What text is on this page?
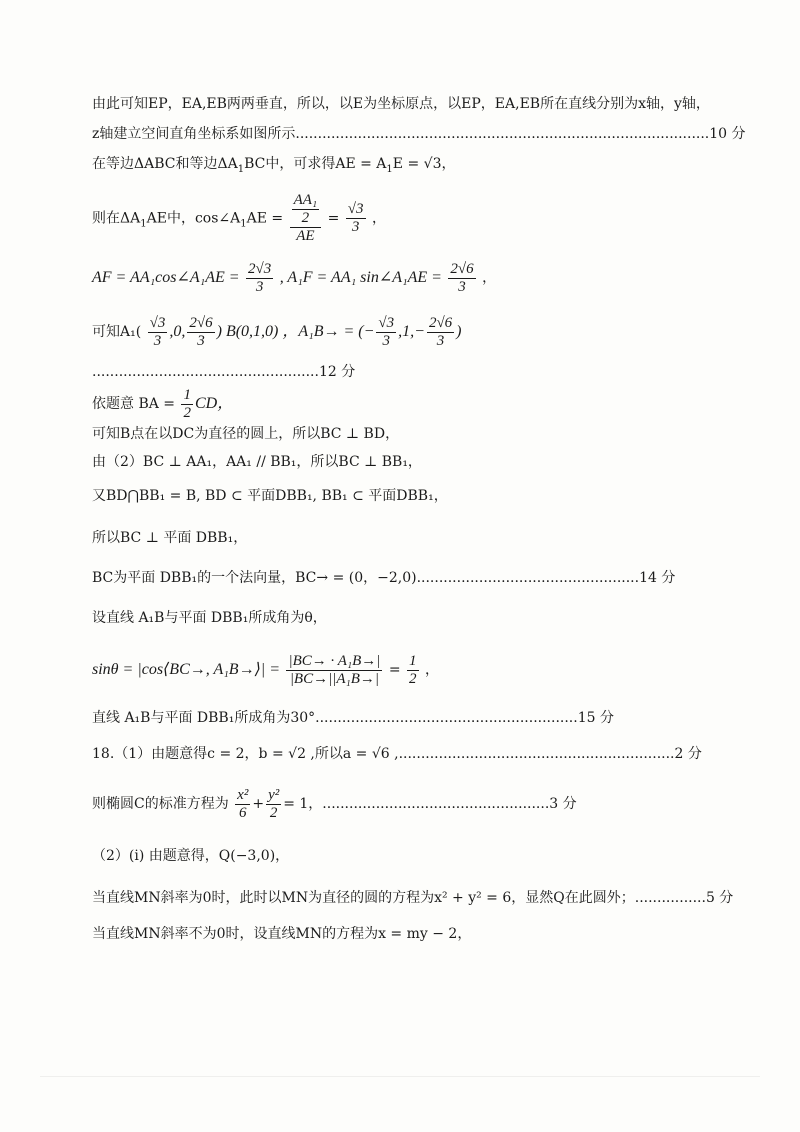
由此可知EP，EA,EB两两垂直，所以，以E为坐标原点，以EP，EA,EB所在直线分别为x轴，y轴，
z轴建立空间直角坐标系如图所示.............................................................................................10 分
在等边ΔABC和等边$\Delta A_1BC$中，可求得AE = $A_1E = √3$，
则在$\Delta A_1AE$中，$\cos\angle A_1AE = \frac{\frac{\text{AA₁}}{2}}{AE} = \frac{√3}{3}$ ，
AF = AA₁cos∠A₁AE = $\frac{2√3}{3}$ , A₁F = AA₁ sin∠A₁AE = $\frac{2√6}{3}$ ，
可知$A_1( \frac{√3}{3} ,0$, $\frac{2√6}{3}$ ) B(0,1,0) ，A₁B→ = (− $\frac{√3}{3} ,1,- \frac{2√6}{3}$ )
...................................................12 分
依题意 BA = $\frac{1}{2}$ CD，
可知B点在以DC为直径的圆上，所以BC ⊥ BD，
由（2）BC ⊥ AA₁，AA₁ // BB₁，所以BC ⊥ BB₁，
又BD⋂BB₁ = B, BD ⊂ 平面DBB₁, BB₁ ⊂ 平面DBB₁，
所以BC ⊥ 平面 DBB₁，
BC为平面 DBB₁的一个法向量，BC→ = (0，−2,0)..................................................14 分
设直线 A₁B与平面 DBB₁所成角为θ，
sinθ = |cos⟨BC→, A₁B→⟩| = $\frac{\text{|BC→ · A₁B→|}}{\text{|BC→||A₁B→|}} = \frac{1}{2}$ ，
直线 A₁B与平面 DBB₁所成角为30°...........................................................15 分
18.（1）由题意得c = 2，b = √2 ,所以a = √6 ,..............................................................2 分
则椭圆C的标准方程为 $\frac{\text{x²}}{6} + \frac{\text{y²}}{2} = 1$，...................................................3 分
（2）(i) 由题意得，Q(−3,0)，
当直线MN斜率为0时，此时以MN为直径的圆的方程为x² + y² = 6，显然Q在此圆外；................5 分
当直线MN斜率不为0时，设直线MN的方程为x = my − 2，
